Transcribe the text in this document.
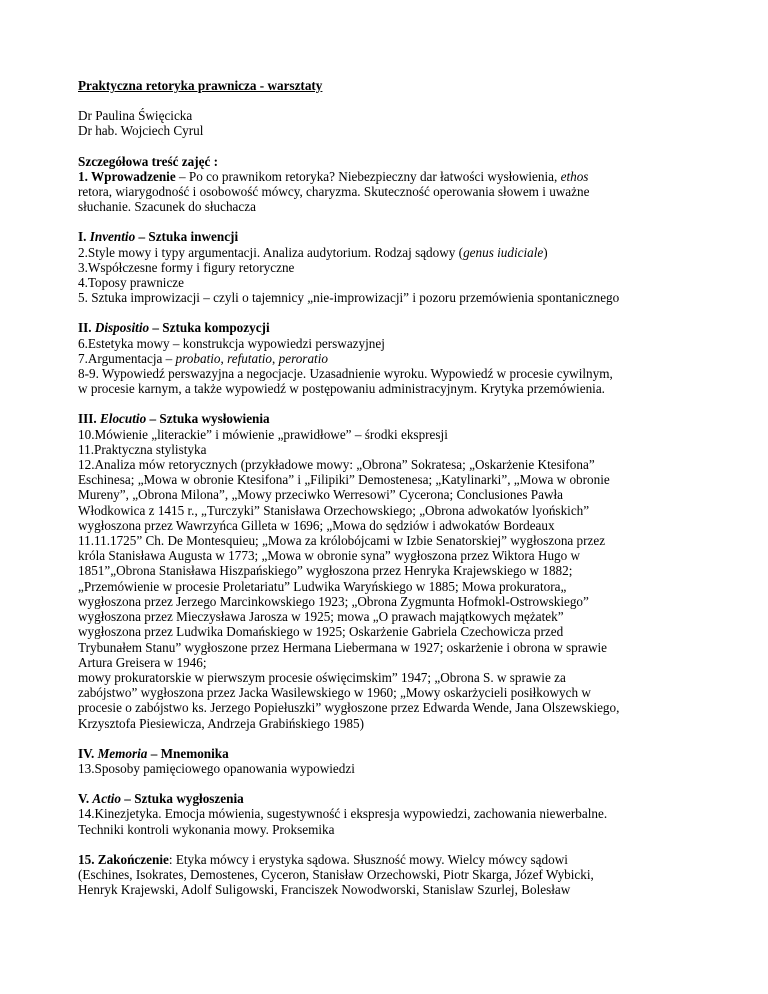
Praktyczna retoryka prawnicza - warsztaty
Dr Paulina Święcicka
Dr hab. Wojciech Cyrul
Szczegółowa treść zajęć :
1. Wprowadzenie – Po co prawnikom retoryka? Niebezpieczny dar łatwości wysłowienia, ethos
retora, wiarygodność i osobowość mówcy, charyzma. Skuteczność operowania słowem i uważne
słuchanie. Szacunek do słuchacza
I. Inventio – Sztuka inwencji
2.Style mowy i typy argumentacji. Analiza audytorium. Rodzaj sądowy (genus iudiciale)
3.Współczesne formy i figury retoryczne
4.Toposy prawnicze
5. Sztuka improwizacji – czyli o tajemnicy „nie-improwizacji” i pozoru przemówienia spontanicznego
II. Dispositio – Sztuka kompozycji
6.Estetyka mowy – konstrukcja wypowiedzi perswazyjnej
7.Argumentacja – probatio, refutatio, peroratio
8-9. Wypowiedź perswazyjna a negocjacje. Uzasadnienie wyroku. Wypowiedź w procesie cywilnym,
w procesie karnym, a także wypowiedź w postępowaniu administracyjnym. Krytyka przemówienia.
III. Elocutio – Sztuka wysłowienia
10.Mówienie „literackie” i mówienie „prawidłowe” – środki ekspresji
11.Praktyczna stylistyka
12.Analiza mów retorycznych (przykładowe mowy: „Obrona” Sokratesa; „Oskarżenie Ktesifona”
Eschinesa; „Mowa w obronie Ktesifona” i „Filipiki” Demostenesa; „Katylinarki”, „Mowa w obronie
Mureny”, „Obrona Milona”, „Mowy przeciwko Werresowi” Cycerona; Conclusiones Pawła
Włodkowica z 1415 r., „Turczyki” Stanisława Orzechowskiego; „Obrona adwokatów lyońskich”
wygłoszona przez Wawrzyńca Gilleta w 1696; „Mowa do sędziów i adwokatów Bordeaux
11.11.1725” Ch. De Montesquieu; „Mowa za królobójcami w Izbie Senatorskiej” wygłoszona przez
króla Stanisława Augusta w 1773; „Mowa w obronie syna” wygłoszona przez Wiktora Hugo w
1851”„Obrona Stanisława Hiszpańskiego” wygłoszona przez Henryka Krajewskiego w 1882;
„Przemówienie w procesie Proletariatu” Ludwika Waryńskiego w 1885; Mowa prokuratora„
wygłoszona przez Jerzego Marcinkowskiego 1923; „Obrona Zygmunta Hofmokl-Ostrowskiego”
wygłoszona przez Mieczysława Jarosza w 1925; mowa „O prawach majątkowych mężatek”
wygłoszona przez Ludwika Domańskiego w 1925; Oskarżenie Gabriela Czechowicza przed
Trybunałem Stanu” wygłoszone przez Hermana Liebermana w 1927; oskarżenie i obrona w sprawie
Artura Greisera w 1946;
mowy prokuratorskie w pierwszym procesie oświęcimskim” 1947; „Obrona S. w sprawie za
zabójstwo” wygłoszona przez Jacka Wasilewskiego w 1960; „Mowy oskarżycieli posiłkowych w
procesie o zabójstwo ks. Jerzego Popiełuszki” wygłoszone przez Edwarda Wende, Jana Olszewskiego,
Krzysztofa Piesiewicza, Andrzeja Grabińskiego 1985)
IV. Memoria – Mnemonika
13.Sposoby pamięciowego opanowania wypowiedzi
V. Actio – Sztuka wygłoszenia
14.Kinezjetyka. Emocja mówienia, sugestywność i ekspresja wypowiedzi, zachowania niewerbalne.
Techniki kontroli wykonania mowy. Proksemika
15. Zakończenie: Etyka mówcy i erystyka sądowa. Słuszność mowy. Wielcy mówcy sądowi
(Eschines, Isokrates, Demostenes, Cyceron, Stanisław Orzechowski, Piotr Skarga, Józef Wybicki,
Henryk Krajewski, Adolf Suligowski, Franciszek Nowodworski, Stanislaw Szurlej, Bolesław
